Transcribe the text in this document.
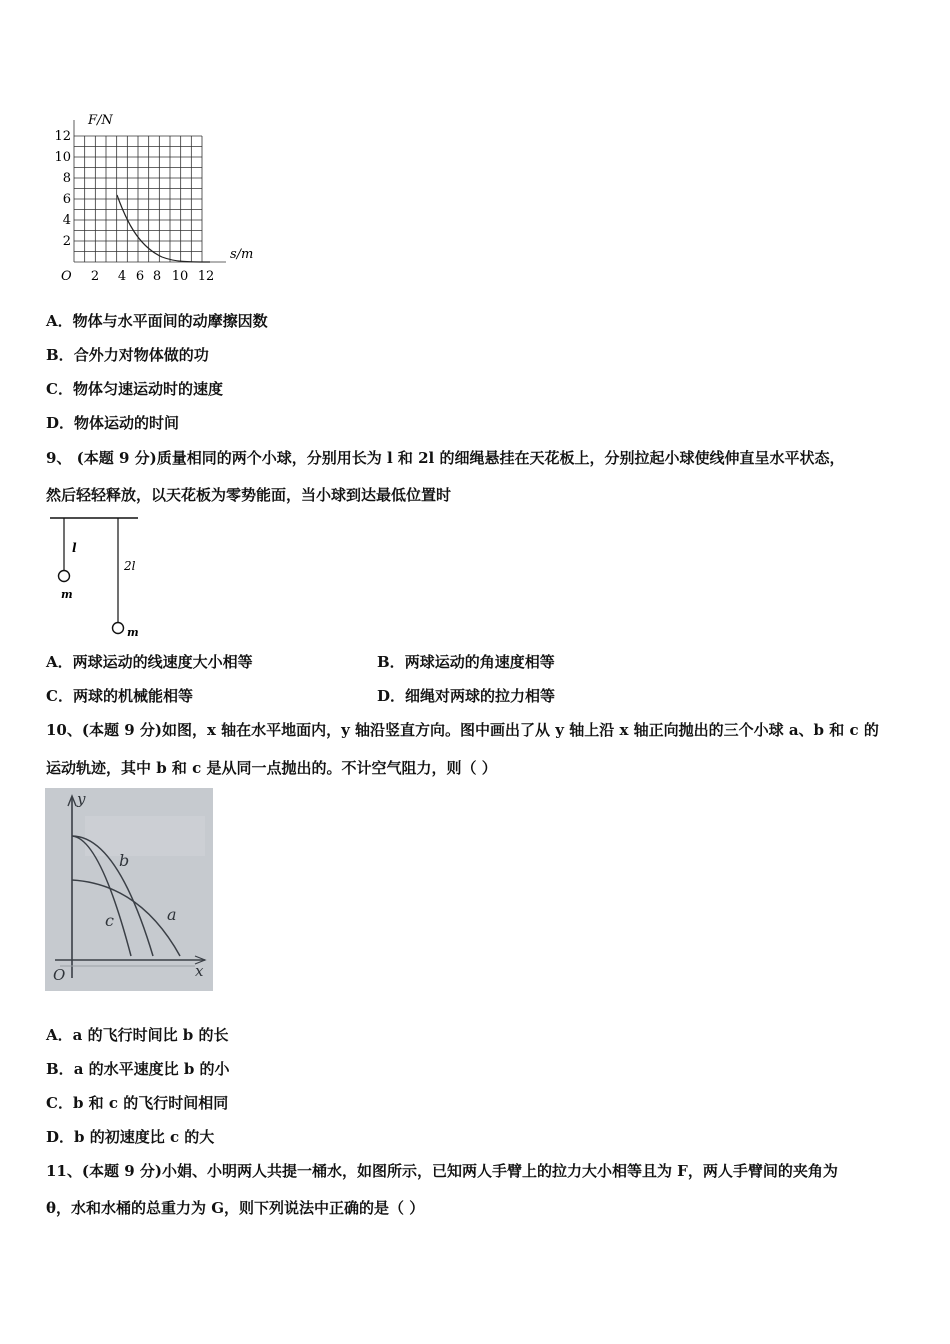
F/N
s/m
O
12
10
8
6
4
2
2 4 6 8 10 12
A．物体与水平面间的动摩擦因数
B．合外力对物体做的功
C．物体匀速运动时的速度
D．物体运动的时间
9、 (本题 9 分)质量相同的两个小球，分别用长为 l 和 2l 的细绳悬挂在天花板上，分别拉起小球使线伸直呈水平状态，
然后轻轻释放，以天花板为零势能面，当小球到达最低位置时
l
2l
m
m
A．两球运动的线速度大小相等	B．两球运动的角速度相等
C．两球的机械能相等	D．细绳对两球的拉力相等
10、(本题 9 分)如图，x 轴在水平地面内，y 轴沿竖直方向。图中画出了从 y 轴上沿 x 轴正向抛出的三个小球 a、b 和 c 的
运动轨迹，其中 b 和 c 是从同一点抛出的。不计空气阻力，则（ ）
y
x
O
a
b
c
A．a 的飞行时间比 b 的长
B．a 的水平速度比 b 的小
C．b 和 c 的飞行时间相同
D．b 的初速度比 c 的大
11、(本题 9 分)小娟、小明两人共提一桶水，如图所示，已知两人手臂上的拉力大小相等且为 F，两人手臂间的夹角为
θ，水和水桶的总重力为 G，则下列说法中正确的是（ ）
